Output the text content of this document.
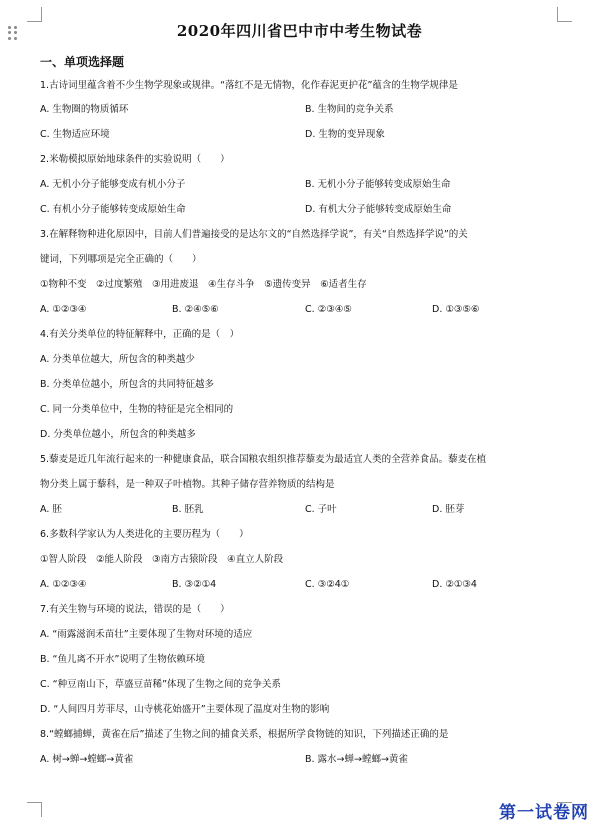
2020年四川省巴中市中考生物试卷
一、单项选择题
1.古诗词里蕴含着不少生物学现象或规律。“落红不是无情物，化作春泥更护花”蕴含的生物学规律是
A. 生物圈的物质循环	B. 生物间的竞争关系
C. 生物适应环境	D. 生物的变异现象
2.米勒模拟原始地球条件的实验说明（　　）
A. 无机小分子能够变成有机小分子	B. 无机小分子能够转变成原始生命
C. 有机小分子能够转变成原始生命	D. 有机大分子能够转变成原始生命
3.在解释物种进化原因中，目前人们普遍接受的是达尔文的“自然选择学说”，有关“自然选择学说”的关
键词，下列哪项是完全正确的（　　）
①物种不变　②过度繁殖　③用进废退　④生存斗争　⑤遗传变异　⑥适者生存
A. ①②③④	B. ②④⑤⑥	C. ②③④⑤	D. ①③⑤⑥
4.有关分类单位的特征解释中，正确的是（　）
A. 分类单位越大，所包含的种类越少
B. 分类单位越小，所包含的共同特征越多
C. 同一分类单位中，生物的特征是完全相同的
D. 分类单位越小，所包含的种类越多
5.藜麦是近几年流行起来的一种健康食品，联合国粮农组织推荐藜麦为最适宜人类的全营养食品。藜麦在植
物分类上属于藜科，是一种双子叶植物。其种子储存营养物质的结构是
A. 胚	B. 胚乳	C. 子叶	D. 胚芽
6.多数科学家认为人类进化的主要历程为（　　）
①智人阶段　②能人阶段　③南方古猿阶段　④直立人阶段
A. ①②③④	B. ③②①4	C. ③②4①	D. ②①③4
7.有关生物与环境的说法，错误的是（　　）
A. “雨露滋润禾苗壮”主要体现了生物对环境的适应
B. “鱼儿离不开水”说明了生物依赖环境
C. “种豆南山下，草盛豆苗稀”体现了生物之间的竞争关系
D. “人间四月芳菲尽，山寺桃花始盛开”主要体现了温度对生物的影响
8.“螳螂捕蝉，黄雀在后”描述了生物之间的捕食关系，根据所学食物链的知识，下列描述正确的是
A. 树→蝉→螳螂→黄雀	B. 露水→蝉→螳螂→黄雀
第一试卷网
